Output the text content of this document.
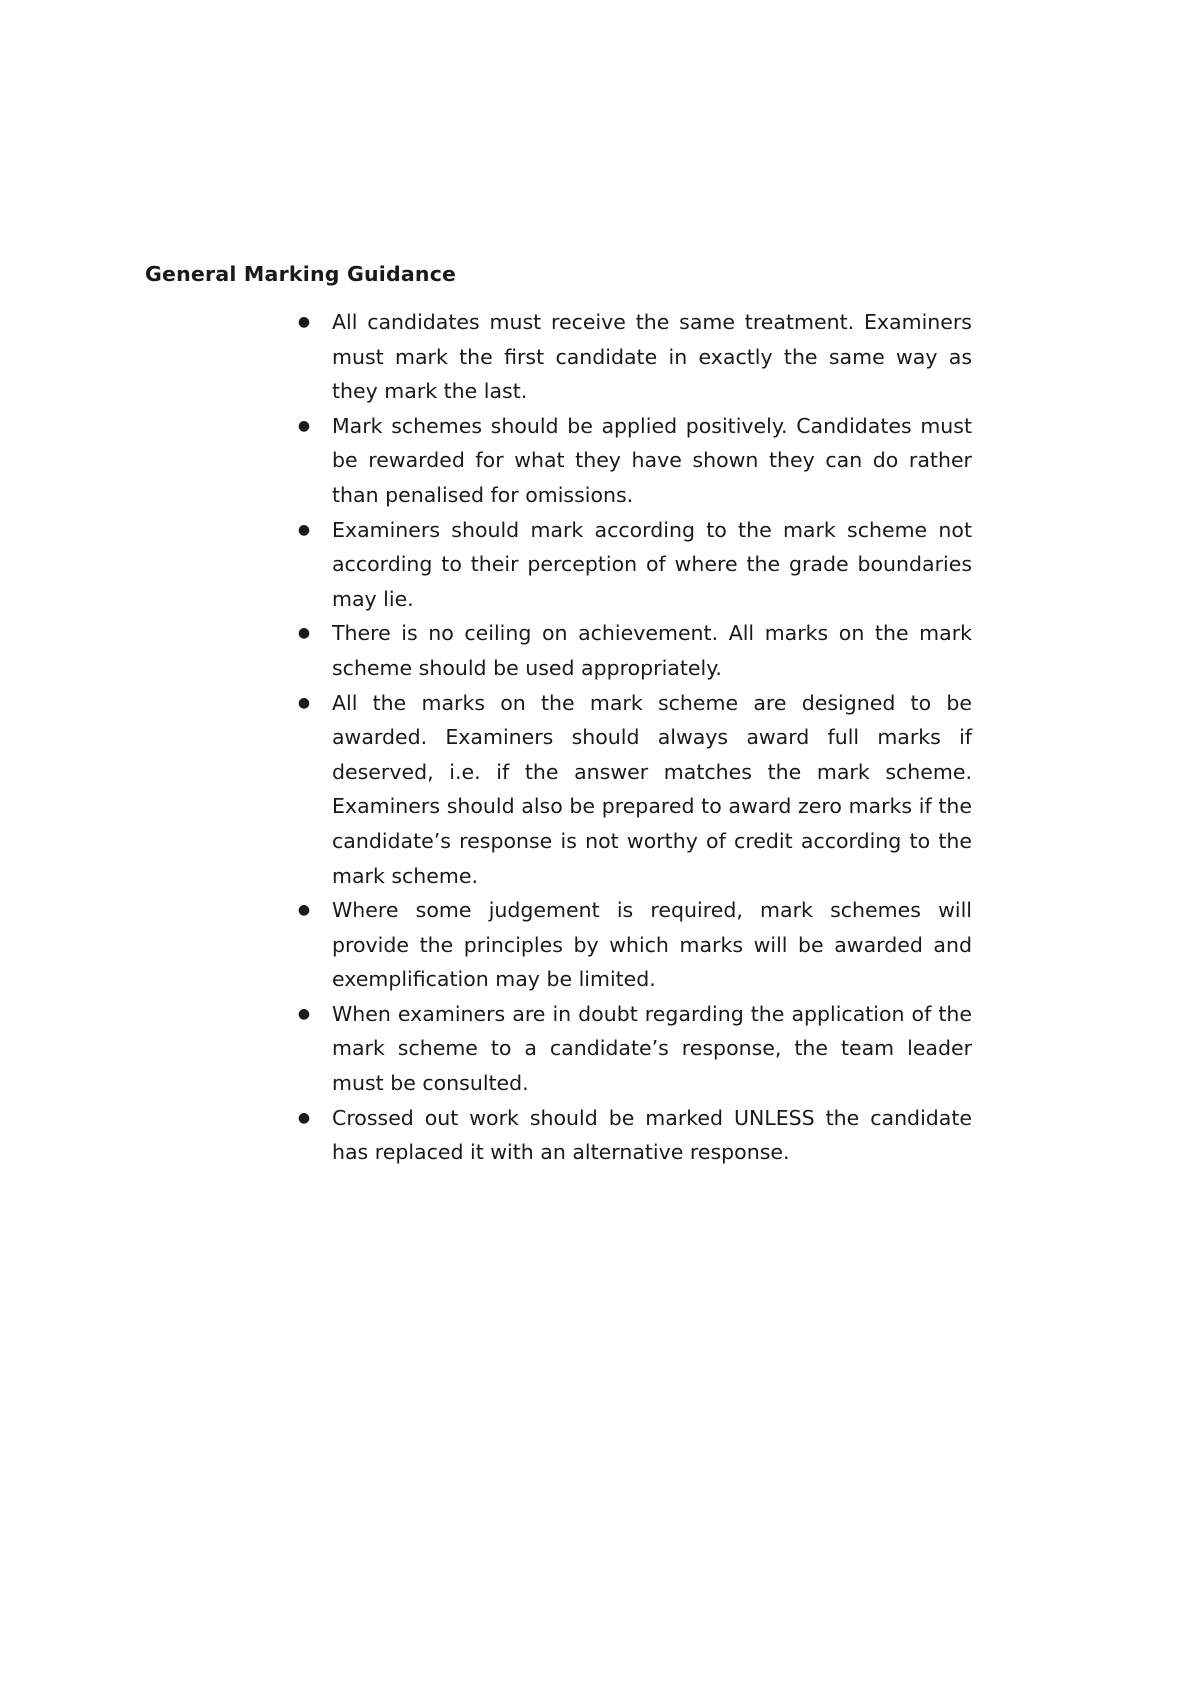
General Marking Guidance
● All candidates must receive the same treatment. Examiners must mark the first candidate in exactly the same way as they mark the last.
● Mark schemes should be applied positively. Candidates must be rewarded for what they have shown they can do rather than penalised for omissions.
● Examiners should mark according to the mark scheme not according to their perception of where the grade boundaries may lie.
● There is no ceiling on achievement. All marks on the mark scheme should be used appropriately.
● All the marks on the mark scheme are designed to be awarded. Examiners should always award full marks if deserved, i.e. if the answer matches the mark scheme. Examiners should also be prepared to award zero marks if the candidate’s response is not worthy of credit according to the mark scheme.
● Where some judgement is required, mark schemes will provide the principles by which marks will be awarded and exemplification may be limited.
● When examiners are in doubt regarding the application of the mark scheme to a candidate’s response, the team leader must be consulted.
● Crossed out work should be marked UNLESS the candidate has replaced it with an alternative response.
